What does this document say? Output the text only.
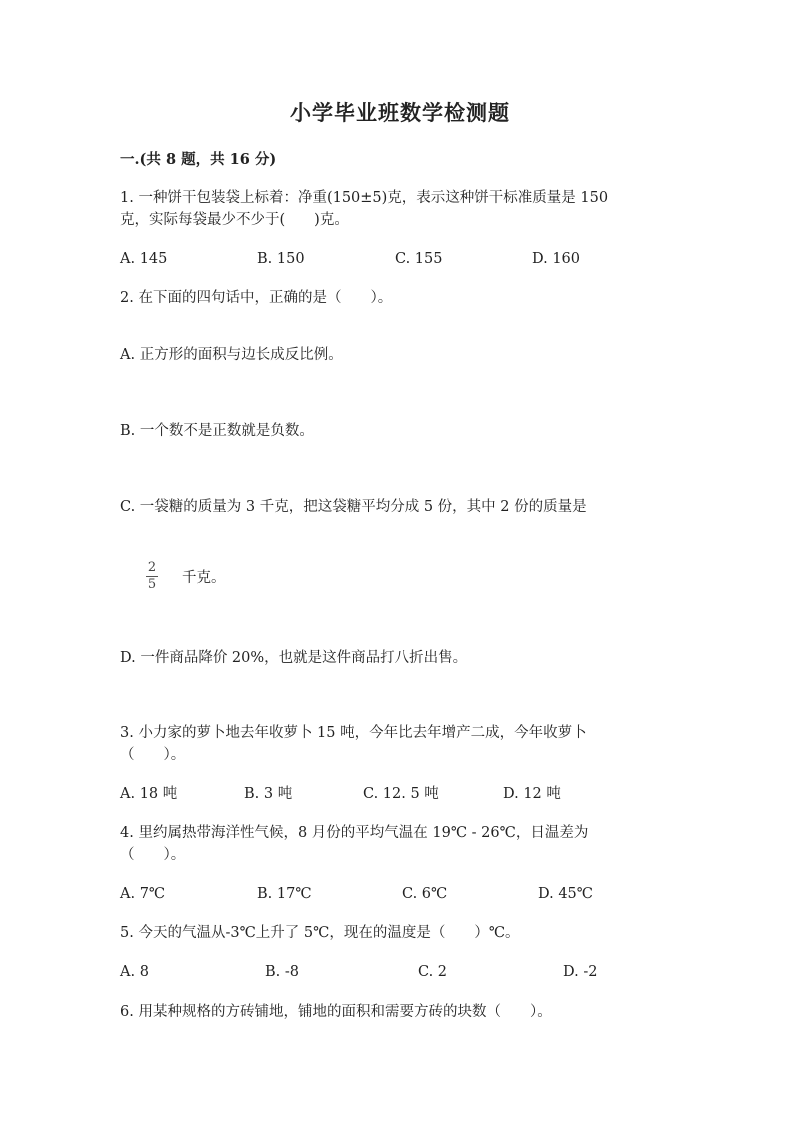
小学毕业班数学检测题
一.(共 8 题，共 16 分)
1. 一种饼干包装袋上标着：净重(150±5)克，表示这种饼干标准质量是 150
克，实际每袋最少不少于(　　)克。
A. 145	B. 150	C. 155	D. 160
2. 在下面的四句话中，正确的是（　　）。
A. 正方形的面积与边长成反比例。
B. 一个数不是正数就是负数。
C. 一袋糖的质量为 3 千克，把这袋糖平均分成 5 份，其中 2 份的质量是
2
5 千克。
D. 一件商品降价 20%，也就是这件商品打八折出售。
3. 小力家的萝卜地去年收萝卜 15 吨，今年比去年增产二成，今年收萝卜
（　　）。
A. 18 吨	B. 3 吨	C. 12. 5 吨	D. 12 吨
4. 里约属热带海洋性气候，8 月份的平均气温在 19℃ - 26℃，日温差为
（　　）。
A. 7℃	B. 17℃	C. 6℃	D. 45℃
5. 今天的气温从-3℃上升了 5℃，现在的温度是（　　）℃。
A. 8	B. -8	C. 2	D. -2
6. 用某种规格的方砖铺地，铺地的面积和需要方砖的块数（　　）。
